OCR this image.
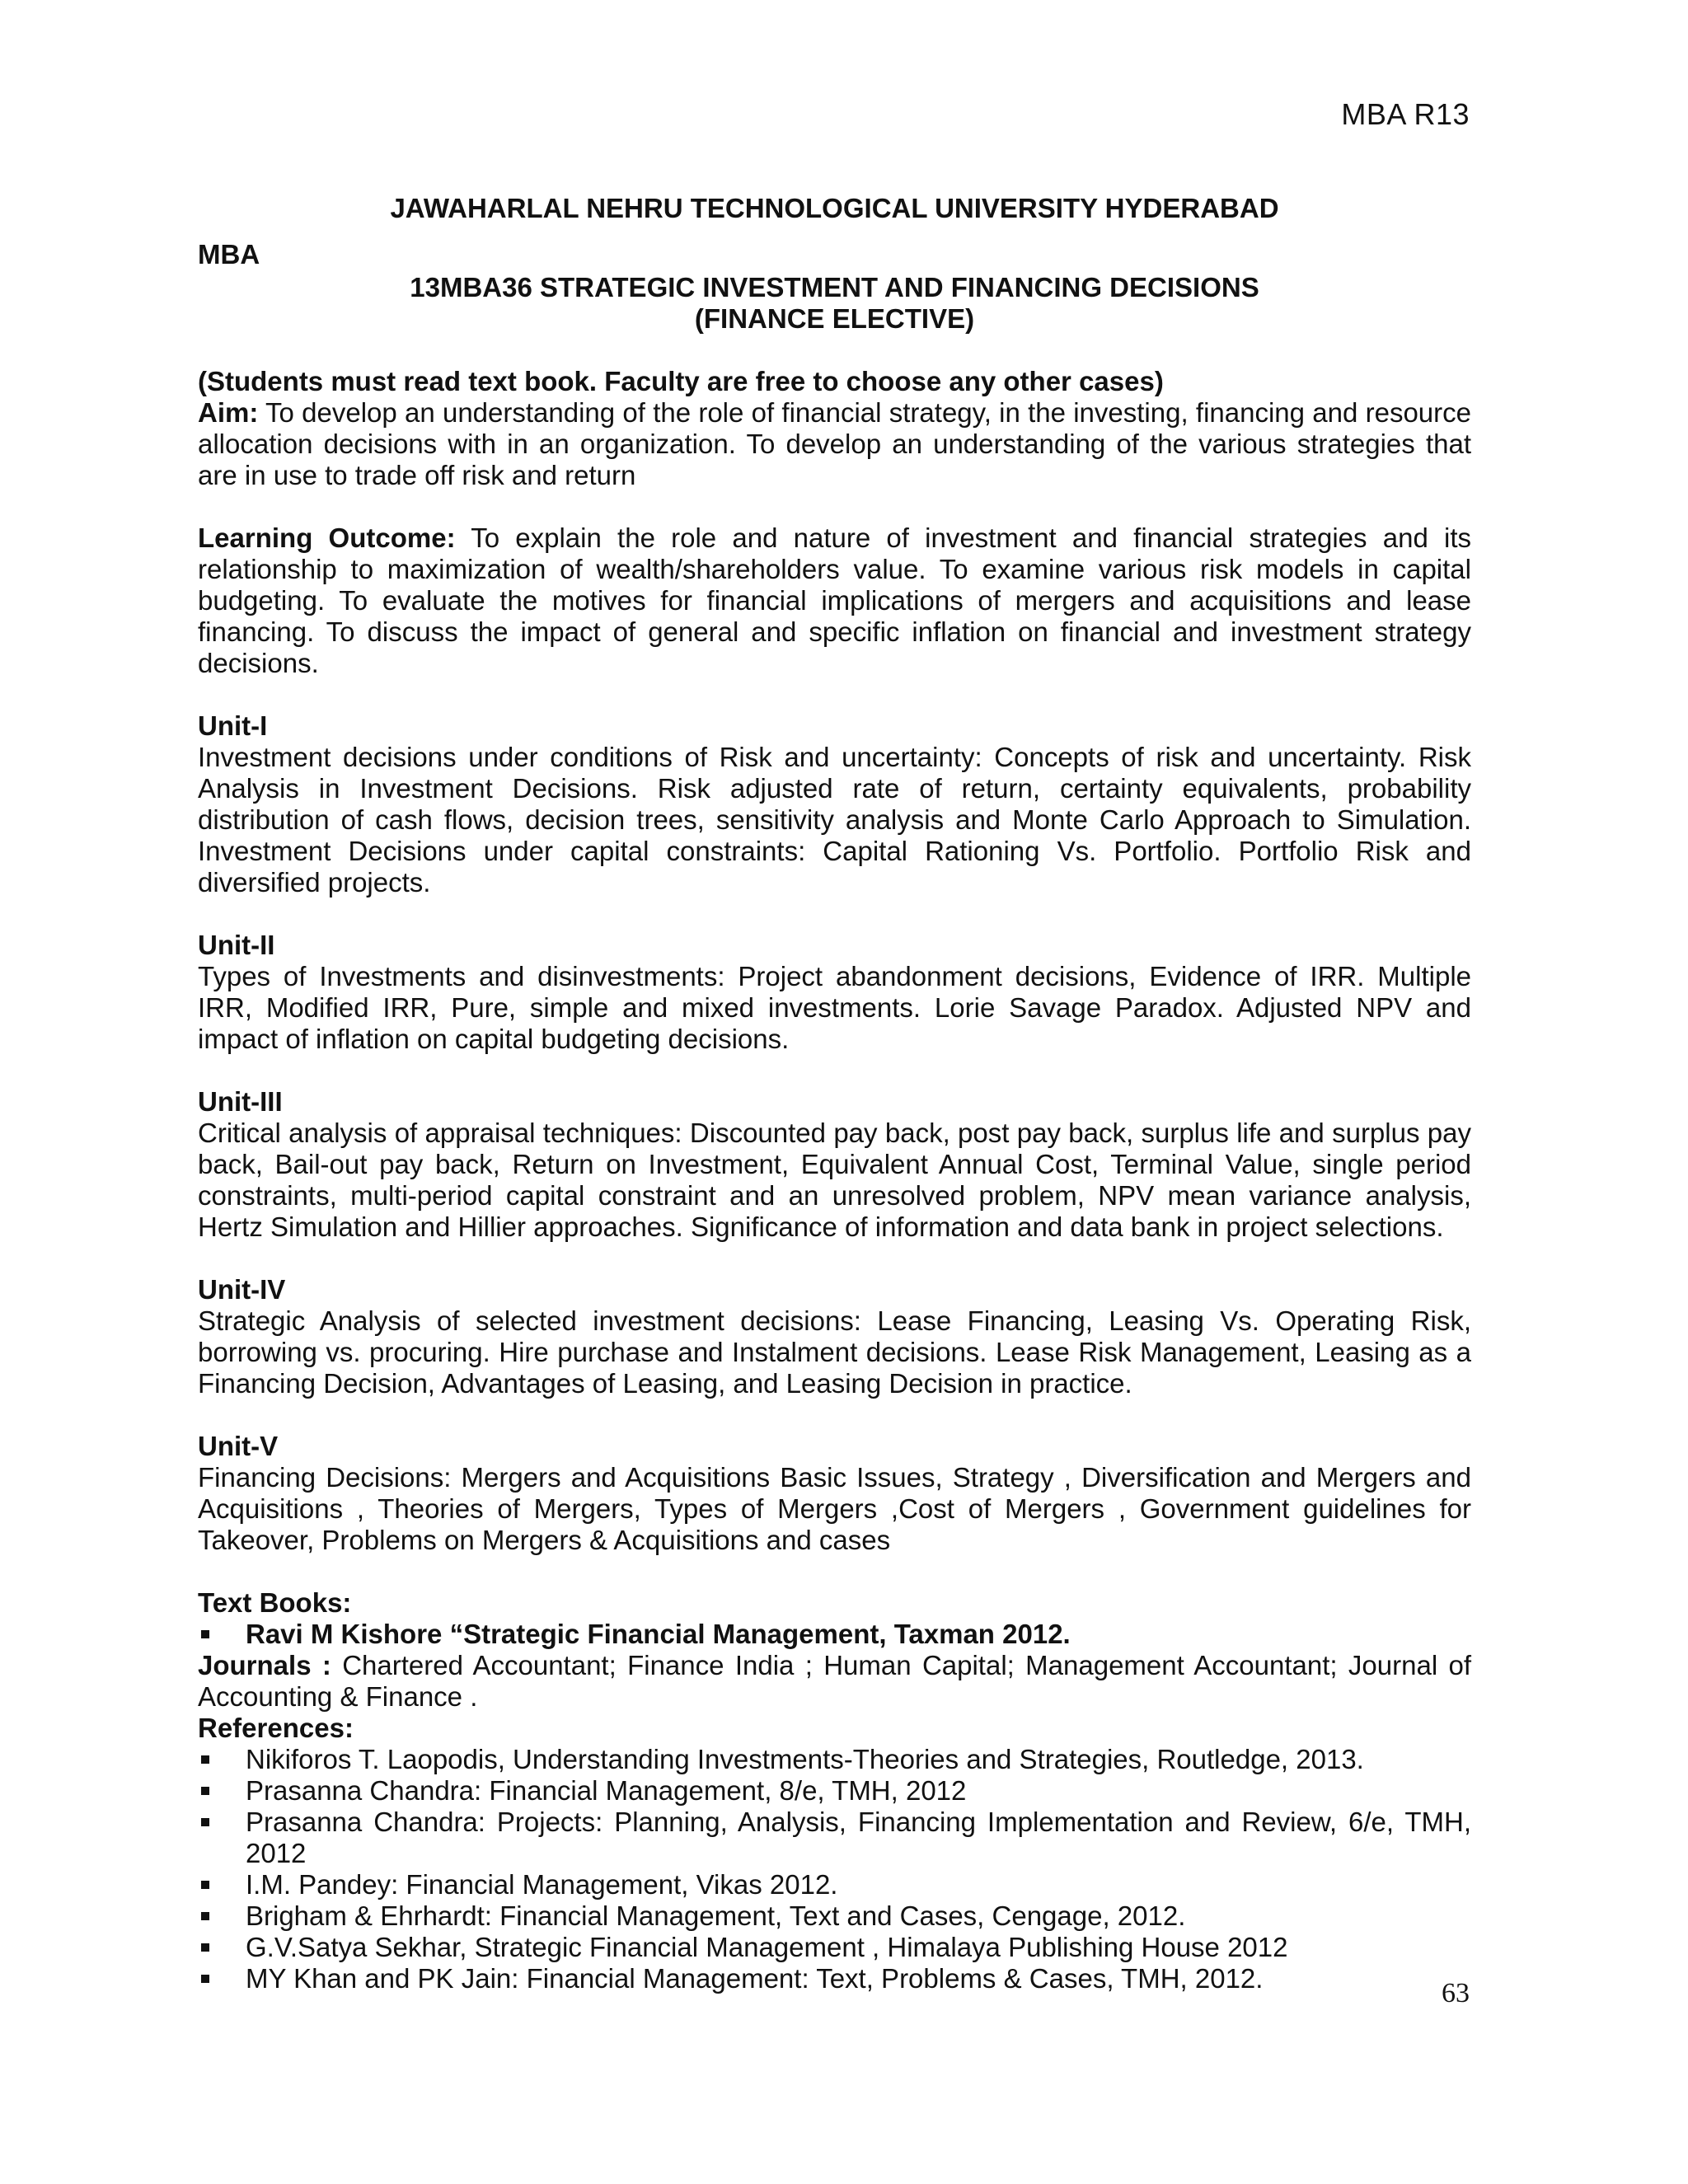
MBA R13
JAWAHARLAL NEHRU TECHNOLOGICAL UNIVERSITY HYDERABAD
MBA
13MBA36 STRATEGIC INVESTMENT AND FINANCING DECISIONS
(FINANCE ELECTIVE)

(Students must read text book. Faculty are free to choose any other cases)

Aim: To develop an understanding of the role of financial strategy, in the investing, financing and resource allocation decisions with in an organization. To develop an understanding of the various strategies that are in use to trade off risk and return

Learning Outcome: To explain the role and nature of investment and financial strategies and its relationship to maximization of wealth/shareholders value. To examine various risk models in capital budgeting. To evaluate the motives for financial implications of mergers and acquisitions and lease financing. To discuss the impact of general and specific inflation on financial and investment strategy decisions.

Unit-I

Investment decisions under conditions of Risk and uncertainty: Concepts of risk and uncertainty. Risk Analysis in Investment Decisions. Risk adjusted rate of return, certainty equivalents, probability distribution of cash flows, decision trees, sensitivity analysis and Monte Carlo Approach to Simulation. Investment Decisions under capital constraints: Capital Rationing Vs. Portfolio. Portfolio Risk and diversified projects.

Unit-II

Types of Investments and disinvestments: Project abandonment decisions, Evidence of IRR. Multiple IRR, Modified IRR, Pure, simple and mixed investments. Lorie Savage Paradox. Adjusted NPV and impact of inflation on capital budgeting decisions.

Unit-III

Critical analysis of appraisal techniques: Discounted pay back, post pay back, surplus life and surplus pay back, Bail-out pay back, Return on Investment, Equivalent Annual Cost, Terminal Value, single period constraints, multi-period capital constraint and an unresolved problem, NPV mean variance analysis, Hertz Simulation and Hillier approaches. Significance of information and data bank in project selections.

Unit-IV

Strategic Analysis of selected investment decisions: Lease Financing, Leasing Vs. Operating Risk, borrowing vs. procuring. Hire purchase and Instalment decisions. Lease Risk Management, Leasing as a Financing Decision, Advantages of Leasing, and Leasing Decision in practice.

Unit-V

Financing Decisions: Mergers and Acquisitions Basic Issues, Strategy , Diversification and Mergers and Acquisitions , Theories of Mergers, Types of Mergers ,Cost of Mergers , Government guidelines for Takeover, Problems on Mergers & Acquisitions and cases

Text Books:
Ravi M Kishore “Strategic Financial Management, Taxman 2012.

Journals : Chartered Accountant; Finance India ; Human Capital; Management Accountant; Journal of Accounting & Finance .

References:
Nikiforos T. Laopodis, Understanding Investments-Theories and Strategies, Routledge, 2013.
Prasanna Chandra: Financial Management, 8/e, TMH, 2012
Prasanna Chandra: Projects: Planning, Analysis, Financing Implementation and Review, 6/e, TMH, 2012
I.M. Pandey: Financial Management, Vikas 2012.
Brigham & Ehrhardt: Financial Management, Text and Cases, Cengage, 2012.
G.V.Satya Sekhar, Strategic Financial Management , Himalaya Publishing House 2012
MY Khan and PK Jain: Financial Management: Text, Problems & Cases, TMH, 2012.	63
